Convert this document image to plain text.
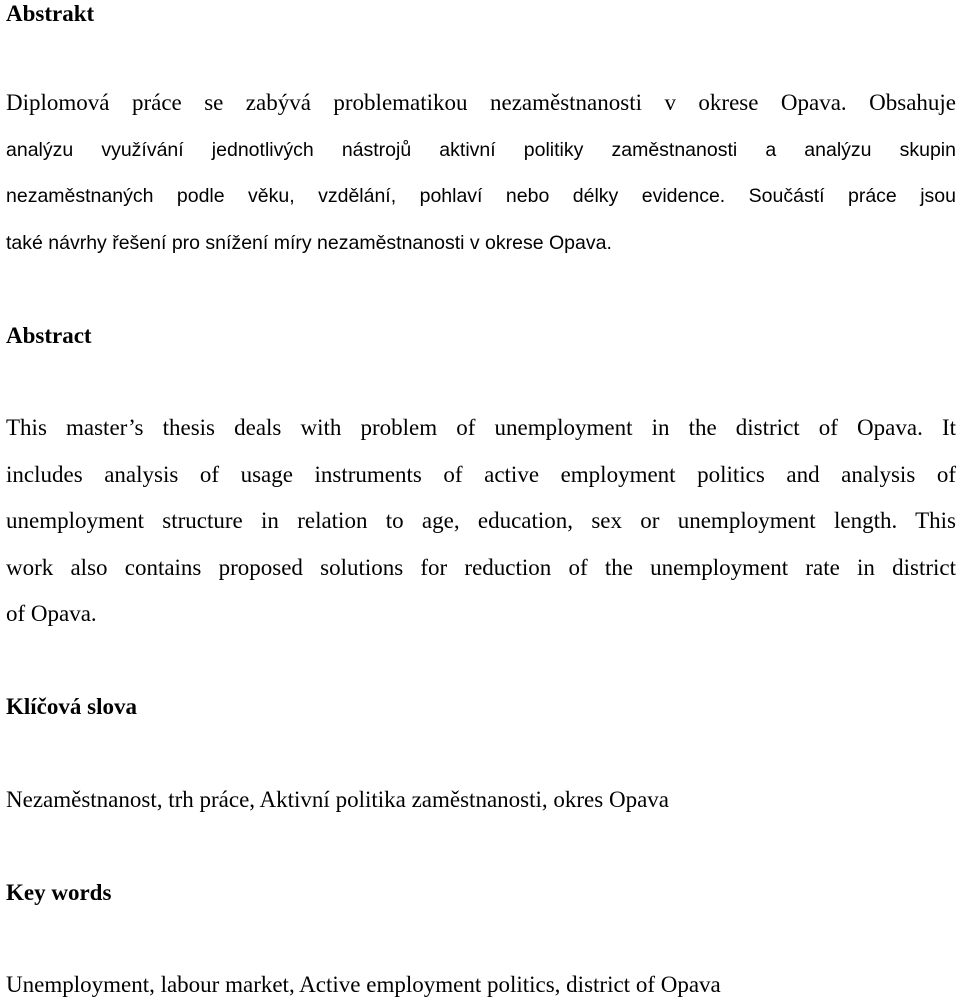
Abstrakt
Diplomová práce se zabývá problematikou nezaměstnanosti v okrese Opava. Obsahuje
analýzu využívání jednotlivých nástrojů aktivní politiky zaměstnanosti a analýzu skupin
nezaměstnaných podle věku, vzdělání, pohlaví nebo délky evidence. Součástí práce jsou
také návrhy řešení pro snížení míry nezaměstnanosti v okrese Opava.
Abstract
This master’s thesis deals with problem of unemployment in the district of Opava. It
includes analysis of usage instruments of active employment politics and analysis of
unemployment structure in relation to age, education, sex or unemployment length. This
work also contains proposed solutions for reduction of the unemployment rate in district
of Opava.
Klíčová slova

Nezaměstnanost, trh práce, Aktivní politika zaměstnanosti, okres Opava

Key words

Unemployment, labour market, Active employment politics, district of Opava
